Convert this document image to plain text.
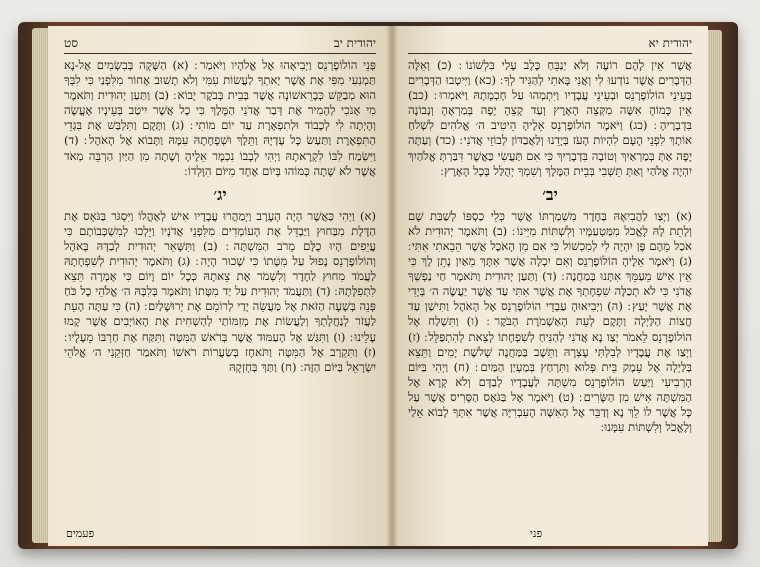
יהודית יב
סט
פְּנֵי הוֹלוֹפֶרְנֵס וַיְבִיאָהוּ אֶל אֱלֹהָיו וַיֹּאמַר ׃ (א) הַשָּׁקָה בְּבִשְׂמִים אֶל-נָא תַּמְנִעִי מִפִּי אֶת אֲשֶׁר יָאתְךָ לַעֲשׂוֹת עִמִּי וְלֹא תָשׁוּב אָחוֹר מִלִּפְנַי כִּי לִבְּךָ הוּא מְבַקֵּשׁ כְּבָרֵאשׁוֹנָה אֲשֶׁר בְּבֵית בְּבֹקֶר יָבוֹא ׃ (ב) וַתַּעַן יְהוּדִית וַתֹּאמֶר מִי אָנֹכִי לְהָמִיר אֶת דְּבַר אֲדֹנִי הַמֶּלֶךְ כִּי כָל אֲשֶׁר יִיטַב בְּעֵינָיו אֶעֱשֶׂה וְהָיְתָה לִי לְכָבוֹד וּלְתִפְאֶרֶת עַד יוֹם מוֹתִי ׃ (ג) וַתָּקָם וַתִּלְבַּשׁ אֶת בִּגְדֵי הַתִּפְאֶרֶת וַתַּעַשׂ כָּל עֶדְיָהּ וַתֵּלֶךְ וּשְׁפָחָתָהּ עִמָּהּ וַתָּבוֹא אֶל הָאֹהֶל ׃ (ד) וַיִּשְׂמַח לִבּוֹ לִקְרָאתָהּ וַיְהִי לְבָבוֹ נִכְמָר אֵלֶיהָ וְשָׁתָה מִן הַיַּיִן הַרְבֵּה מְאֹד אֲשֶׁר לֹא שָׁתָה כְּמוֹהוּ בְּיוֹם אֶחָד מִיּוֹם הִוָּלְדוֹ ׃
יג׳
(א) וַיְהִי כַּאֲשֶׁר הָיָה הָעֶרֶב וַיְמַהֲרוּ עֲבָדָיו אִישׁ לְאָהֳלוֹ וַיִּסְגֹּר בַּגֹּאָס אֶת הַדֶּלֶת מִבַּחוּץ וַיַּבְדֵּל אֶת הָעוֹמְדִים מִלִּפְנֵי אֲדֹנָיו וַיֵּלְכוּ לְמִשְׁכְּבוֹתָם כִּי עֲיֵפִים הָיוּ כֻלָּם מֵרֹב הַמִּשְׁתֶּה ׃ (ב) וַתִּשָּׁאֵר יְהוּדִית לְבַדָּהּ בָּאֹהֶל וְהוֹלוֹפֶרְנֵס נָפוּל עַל מִטָּתוֹ כִּי שָׁכוּר הָיָה ׃ (ג) וַתֹּאמֶר יְהוּדִית לְשִׁפְחָתָהּ לַעֲמֹד מִחוּץ לַחֶדֶר וְלִשְׁמֹר אֶת צֵאתָהּ כְּכָל יוֹם וָיוֹם כִּי אָמְרָה תֵּצֵא לִתְפִלָּתָהּ ׃ (ד) וַתַּעֲמֹד יְהוּדִית עַל יַד מִטָּתוֹ וַתֹּאמֶר בְּלִבָּהּ ה׳ אֱלֹהֵי כָל כֹּחַ פְּנֵה בְּשָׁעָה הַזֹּאת אֶל מַעֲשֵׂה יָדַי לְרוֹמֵם אֶת יְרוּשָׁלַיִם ׃ (ה) כִּי עַתָּה הָעֵת לַעֲזֹר לְנַחֲלָתְךָ וְלַעֲשׂוֹת אֶת מְזִמּוֹתַי לְהַשְׁחִית אֶת הָאוֹיְבִים אֲשֶׁר קָמוּ עָלֵינוּ ׃ (ו) וַתִּגַּשׁ אֶל הָעַמּוּד אֲשֶׁר בְּרֹאשׁ הַמִּטָּה וַתִּקַּח אֶת חַרְבּוֹ מֵעָלָיו ׃ (ז) וַתִּקְרַב אֶל הַמִּטָּה וַתֹּאחֶז בְּשַׂעֲרוֹת רֹאשׁוֹ וַתֹּאמַר חַזְּקֵנִי ה׳ אֱלֹהֵי יִשְׂרָאֵל בַּיּוֹם הַזֶּה ׃ (ח) וַתַּךְ בְּחָזְקָהּ
פעמים
יהודית יא
אֲשֶׁר אֵין לָהֶם רוֹעֶה וְלֹא יְנַבֵּחַ כֶּלֶב עָלַי בִּלְשׁוֹנוֹ ׃ (כ) וְאֵלֶּה הַדְּבָרִים אֲשֶׁר נוֹדְעוּ לִי וְאֲנִי בָּאתִי לְהַגִּיד לְךָ ׃ (כא) וַיִּיטְבוּ הַדְּבָרִים בְּעֵינֵי הוֹלוֹפֶרְנֵס וּבְעֵינֵי עֲבָדָיו וַיִּתְמְהוּ עַל חָכְמָתָהּ וַיֹּאמְרוּ ׃ (כב) אֵין כָּמוֹהָ אִשָּׁה מִקְּצֵה הָאָרֶץ וְעַד קָצֵהָ יָפָה בְּמַרְאֶהָ וְנְבוֹנָה בִּדְבָרֶיהָ ׃ (כג) וַיֹּאמֶר הוֹלוֹפֶרְנֵס אֵלֶיהָ הֵיטִיב ה׳ אֱלֹהִים לִשְׁלֹחַ אוֹתָךְ לִפְנֵי הָעָם לִהְיוֹת הָעֹז בְּיָדֵנוּ וְלַאֲבַדּוֹן לְבוֹזֵי אֲדֹנִי ׃ (כד) וְעַתָּה יָפָה אַתְּ בְּמַרְאַיִךְ וְטוֹבָה בִּדְבָרַיִךְ כִּי אִם תַּעֲשִׂי כַּאֲשֶׁר דִּבַּרְתְּ אֱלֹהַיִךְ יִהְיֶה אֱלֹהַי וְאַתְּ תֵּשְׁבִי בְּבֵית הַמֶּלֶךְ וְשִׁמְךָ יְהֻלַּל בְּכָל הָאָרֶץ ׃
יב׳
(א) וַיְצַו לַהֲבִיאָהּ בַּחֶדֶר מִשְׁמַרְתּוֹ אֲשֶׁר כְּלֵי כַסְפּוֹ לְשַׁבַּת שָׁם וְלָתֵת לָהּ לֶאֱכֹל מִמַּטְעַמָּיו וְלִשְׁתּוֹת מִיֵּינוֹ ׃ (ב) וַתֹּאמֶר יְהוּדִית לֹא אֹכַל מֵהֶם פֶּן יִהְיֶה לִי לְמִכְשׁוֹל כִּי אִם מִן הָאֹכֶל אֲשֶׁר הֵבֵאתִי אִתִּי ׃ (ג) וַיֹּאמֶר אֵלֶיהָ הוֹלוֹפֶרְנֵס וְאִם יִכְלֶה אֲשֶׁר אִתָּךְ מֵאַיִן נָתֵן לָךְ כִּי אֵין אִישׁ מֵעַמֵּךְ אִתָּנוּ בְּמַחֲנֶה ׃ (ד) וַתַּעַן יְהוּדִית וַתֹּאמֶר חַי נַפְשְׁךָ אֲדֹנִי כִּי לֹא תְכַלֶּה שִׁפְחָתְךָ אֶת אֲשֶׁר אִתִּי עַד אֲשֶׁר יַעֲשֶׂה ה׳ בְּיָדִי אֶת אֲשֶׁר יָעַץ ׃ (ה) וַיְבִיאוּהָ עַבְדֵי הוֹלוֹפֶרְנֵס אֶל הָאֹהֶל וַתִּישַׁן עַד חֲצוֹת הַלַּיְלָה וַתָּקָם לְעֵת הָאַשְׁמֹרֶת הַבֹּקֶר ׃ (ו) וַתִּשְׁלַח אֶל הוֹלוֹפֶרְנֵס לֵאמֹר יְצַו נָא אֲדֹנִי לְהַנִּיחַ לְשִׁפְחָתוֹ לָצֵאת לְהִתְפַּלֵּל ׃ (ז) וַיְצַו אֶת עֲבָדָיו לְבִלְתִּי עָצְרָהּ וַתֵּשֶׁב בַּמַּחֲנֶה שְׁלֹשֶׁת יָמִים וַתֵּצֵא בַּלַּיְלָה אֶל עֵמֶק בֵּית פְּלוּא וַתִּרְחַץ בְּמַעְיַן הַמַּיִם ׃ (ח) וַיְהִי בַּיּוֹם הָרְבִיעִי וַיַּעַשׂ הוֹלוֹפֶרְנֵס מִשְׁתֶּה לַעֲבָדָיו לְבַדָּם וְלֹא קָרָא אֶל הַמִּשְׁתֶּה אִישׁ מִן הַשָּׂרִים ׃ (ט) וַיֹּאמֶר אֶל בַּגֹּאָס הַסָּרִיס אֲשֶׁר עַל כָּל אֲשֶׁר לוֹ לֵךְ נָא וְדַבֵּר אֶל הָאִשָּׁה הָעִבְרִיָּה אֲשֶׁר אִתְּךָ לָבוֹא אֵלַי וְלֶאֱכֹל וְלִשְׁתּוֹת עִמָּנוּ ׃
פני
